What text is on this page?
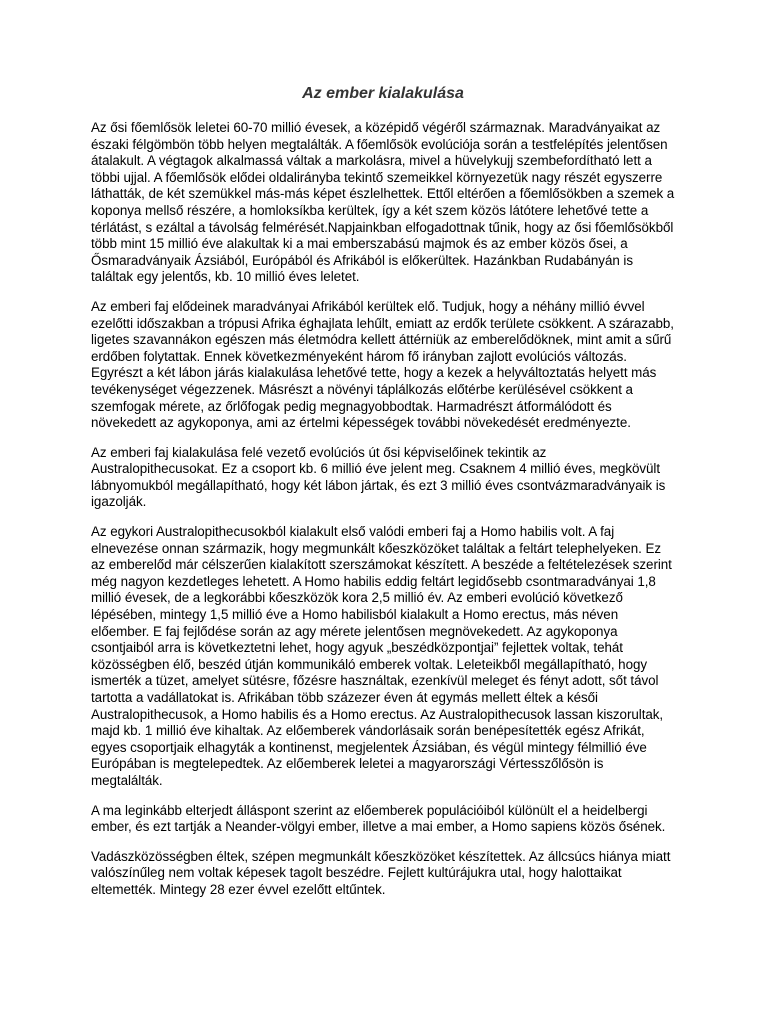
Az ember kialakulása

Az ősi főemlősök leletei 60-70 millió évesek, a középidő végéről származnak. Maradványaikat az északi félgömbön több helyen megtalálták. A főemlősök evolúciója során a testfelépítés jelentősen átalakult. A végtagok alkalmassá váltak a markolásra, mivel a hüvelykujj szembefordítható lett a többi ujjal. A főemlősök elődei oldalirányba tekintő szemeikkel környezetük nagy részét egyszerre láthatták, de két szemükkel más-más képet észlelhettek. Ettől eltérően a főemlősökben a szemek a koponya mellső részére, a homloksíkba kerültek, így a két szem közös látótere lehetővé tette a térlátást, s ezáltal a távolság felmérését.Napjainkban elfogadottnak tűnik, hogy az ősi főemlősökből több mint 15 millió éve alakultak ki a mai emberszabású majmok és az ember közös ősei, a Ősmaradványaik Ázsiából, Európából és Afrikából is előkerültek. Hazánkban Rudabányán is találtak egy jelentős, kb. 10 millió éves leletet.

Az emberi faj elődeinek maradványai Afrikából kerültek elő. Tudjuk, hogy a néhány millió évvel ezelőtti időszakban a trópusi Afrika éghajlata lehűlt, emiatt az erdők területe csökkent. A szárazabb, ligetes szavannákon egészen más életmódra kellett áttérniük az emberelődöknek, mint amit a sűrű erdőben folytattak. Ennek következményeként három fő irányban zajlott evolúciós változás. Egyrészt a két lábon járás kialakulása lehetővé tette, hogy a kezek a helyváltoztatás helyett más tevékenységet végezzenek. Másrészt a növényi táplálkozás előtérbe kerülésével csökkent a szemfogak mérete, az őrlőfogak pedig megnagyobbodtak. Harmadrészt átformálódott és növekedett az agykoponya, ami az értelmi képességek további növekedését eredményezte.

Az emberi faj kialakulása felé vezető evolúciós út ősi képviselőinek tekintik az Australopithecusokat. Ez a csoport kb. 6 millió éve jelent meg. Csaknem 4 millió éves, megkövült lábnyomukból megállapítható, hogy két lábon jártak, és ezt 3 millió éves csontvázmaradványaik is igazolják.

Az egykori Australopithecusokból kialakult első valódi emberi faj a Homo habilis volt. A faj elnevezése onnan származik, hogy megmunkált kőeszközöket találtak a feltárt telephelyeken. Ez az emberelőd már célszerűen kialakított szerszámokat készített. A beszéde a feltételezések szerint még nagyon kezdetleges lehetett. A Homo habilis eddig feltárt legidősebb csontmaradványai 1,8 millió évesek, de a legkorábbi kőeszközök kora 2,5 millió év. Az emberi evolúció következő lépésében, mintegy 1,5 millió éve a Homo habilisból kialakult a Homo erectus, más néven előember. E faj fejlődése során az agy mérete jelentősen megnövekedett. Az agykoponya csontjaiból arra is következtetni lehet, hogy agyuk „beszédközpontjai” fejlettek voltak, tehát közösségben élő, beszéd útján kommunikáló emberek voltak. Leleteikből megállapítható, hogy ismerték a tüzet, amelyet sütésre, főzésre használtak, ezenkívül meleget és fényt adott, sőt távol tartotta a vadállatokat is. Afrikában több százezer éven át egymás mellett éltek a késői Australopithecusok, a Homo habilis és a Homo erectus. Az Australopithecusok lassan kiszorultak, majd kb. 1 millió éve kihaltak. Az előemberek vándorlásaik során benépesítették egész Afrikát, egyes csoportjaik elhagyták a kontinenst, megjelentek Ázsiában, és végül mintegy félmillió éve Európában is megtelepedtek. Az előemberek leletei a magyarországi Vértesszőlősön is megtalálták.

A ma leginkább elterjedt álláspont szerint az előemberek populációiból különült el a heidelbergi ember, és ezt tartják a Neander-völgyi ember, illetve a mai ember, a Homo sapiens közös ősének.

Vadászközösségben éltek, szépen megmunkált kőeszközöket készítettek. Az állcsúcs hiánya miatt valószínűleg nem voltak képesek tagolt beszédre. Fejlett kultúrájukra utal, hogy halottaikat eltemették. Mintegy 28 ezer évvel ezelőtt eltűntek.
